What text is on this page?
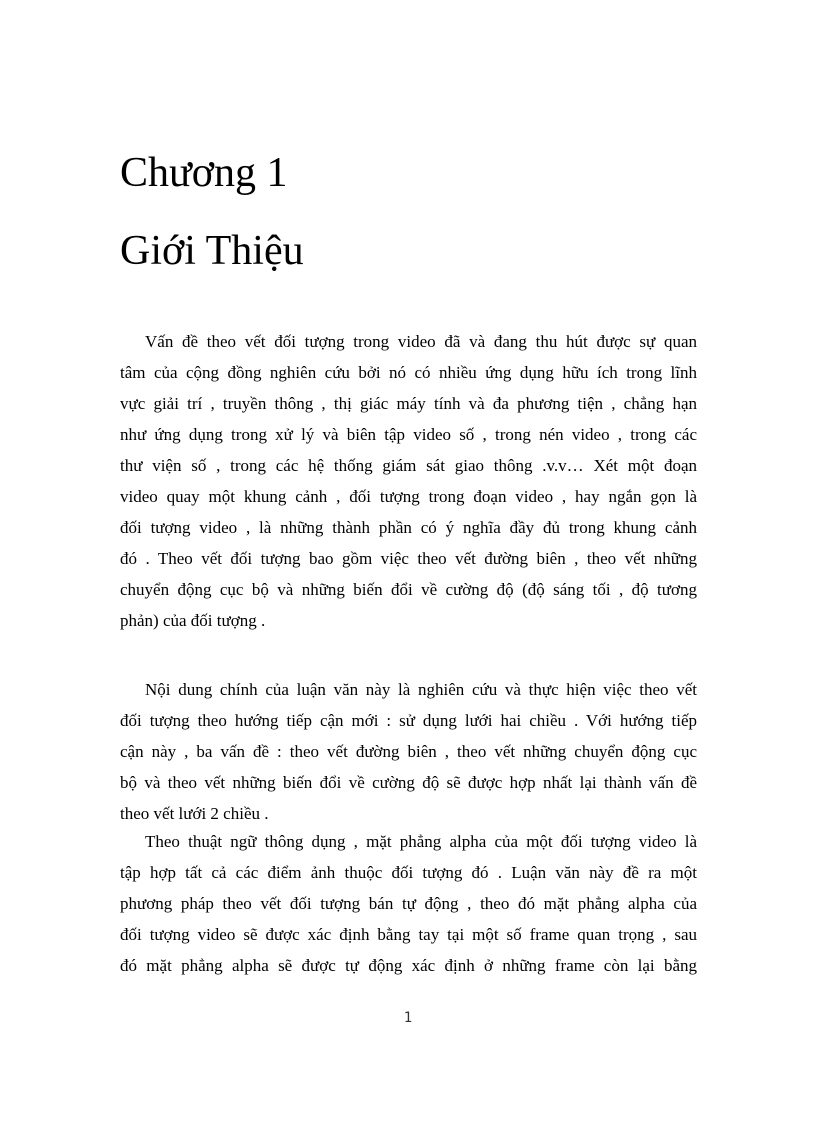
Chương 1
Giới Thiệu
Vấn đề theo vết đối tượng trong video đã và đang thu hút được sự quan
tâm của cộng đồng nghiên cứu bởi nó có nhiều ứng dụng hữu ích trong lĩnh
vực giải trí , truyền thông , thị giác máy tính và đa phương tiện , chẳng hạn
như ứng dụng trong xử lý và biên tập video số , trong nén video , trong các
thư viện số , trong các hệ thống giám sát giao thông .v.v… Xét một đoạn
video quay một khung cảnh , đối tượng trong đoạn video , hay ngắn gọn là
đối tượng video , là những thành phần có ý nghĩa đầy đủ trong khung cảnh
đó . Theo vết đối tượng bao gồm việc theo vết đường biên , theo vết những
chuyển động cục bộ và những biến đổi về cường độ (độ sáng tối , độ tương
phản) của đối tượng .
Nội dung chính của luận văn này là nghiên cứu và thực hiện việc theo vết
đối tượng theo hướng tiếp cận mới : sử dụng lưới hai chiều . Với hướng tiếp
cận này , ba vấn đề : theo vết đường biên , theo vết những chuyển động cục
bộ và theo vết những biến đổi về cường độ sẽ được hợp nhất lại thành vấn đề
theo vết lưới 2 chiều .
Theo thuật ngữ thông dụng , mặt phẳng alpha của một đối tượng video là
tập hợp tất cả các điểm ảnh thuộc đối tượng đó . Luận văn này đề ra một
phương pháp theo vết đối tượng bán tự động , theo đó mặt phẳng alpha của
đối tượng video sẽ được xác định bằng tay tại một số frame quan trọng , sau
đó mặt phẳng alpha sẽ được tự động xác định ở những frame còn lại bằng
1
